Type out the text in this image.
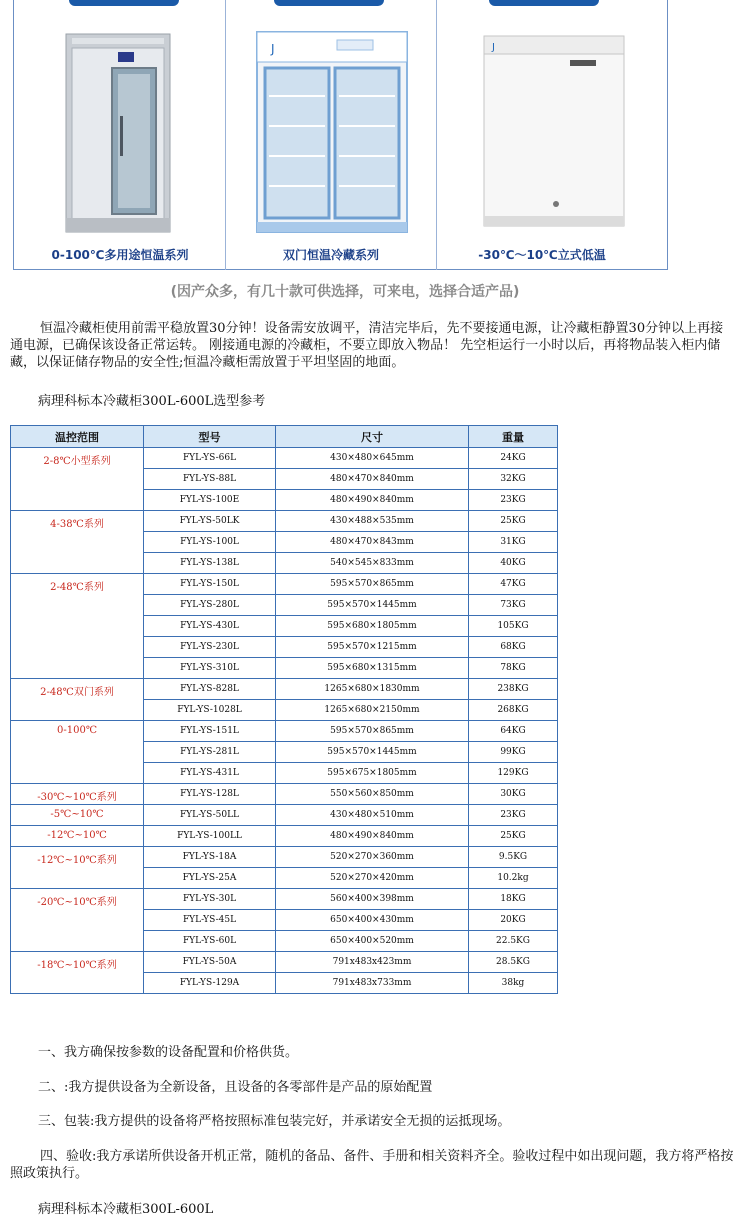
0-100℃多用途恒温系列
J
双门恒温冷藏系列
J
-30℃～10℃立式低温
(因产众多，有几十款可供选择，可来电，选择合适产品)

恒温冷藏柜使用前需平稳放置30分钟！设备需安放调平，清洁完毕后，先不要接通电源，让冷藏柜静置30分钟以上再接通电源，已确保该设备正常运转。 刚接通电源的冷藏柜，不要立即放入物品！ 先空柜运行一小时以后，再将物品装入柜内储藏，以保证储存物品的安全性;恒温冷藏柜需放置于平坦坚固的地面。

病理科标本冷藏柜300L-600L选型参考

温控范围	型号	尺寸	重量
2-8℃小型系列	FYL-YS-66L	430×480×645mm	24KG
	FYL-YS-88L	480×470×840mm	32KG
	FYL-YS-100E	480×490×840mm	23KG
4-38℃系列	FYL-YS-50LK	430×488×535mm	25KG
	FYL-YS-100L	480×470×843mm	31KG
	FYL-YS-138L	540×545×833mm	40KG
2-48℃系列	FYL-YS-150L	595×570×865mm	47KG
	FYL-YS-280L	595×570×1445mm	73KG
	FYL-YS-430L	595×680×1805mm	105KG
	FYL-YS-230L	595×570×1215mm	68KG
	FYL-YS-310L	595×680×1315mm	78KG
2-48℃双门系列	FYL-YS-828L	1265×680×1830mm	238KG
	FYL-YS-1028L	1265×680×2150mm	268KG
0-100℃	FYL-YS-151L	595×570×865mm	64KG
	FYL-YS-281L	595×570×1445mm	99KG
	FYL-YS-431L	595×675×1805mm	129KG
-30℃~10℃系列	FYL-YS-128L	550×560×850mm	30KG
-5℃~10℃	FYL-YS-50LL	430×480×510mm	23KG
-12℃~10℃	FYL-YS-100LL	480×490×840mm	25KG
-12℃~10℃系列	FYL-YS-18A	520×270×360mm	9.5KG
	FYL-YS-25A	520×270×420mm	10.2kg
-20℃~10℃系列	FYL-YS-30L	560×400×398mm	18KG
	FYL-YS-45L	650×400×430mm	20KG
	FYL-YS-60L	650×400×520mm	22.5KG
-18℃~10℃系列	FYL-YS-50A	791x483x423mm	28.5KG
	FYL-YS-129A	791x483x733mm	38kg

一、我方确保按参数的设备配置和价格供货。

二、:我方提供设备为全新设备，且设备的各零部件是产品的原始配置

三、包装:我方提供的设备将严格按照标准包装完好，并承诺安全无损的运抵现场。

四、验收:我方承诺所供设备开机正常，随机的备品、备件、手册和相关资料齐全。验收过程中如出现问题，我方将严格按照政策执行。

病理科标本冷藏柜300L-600L
